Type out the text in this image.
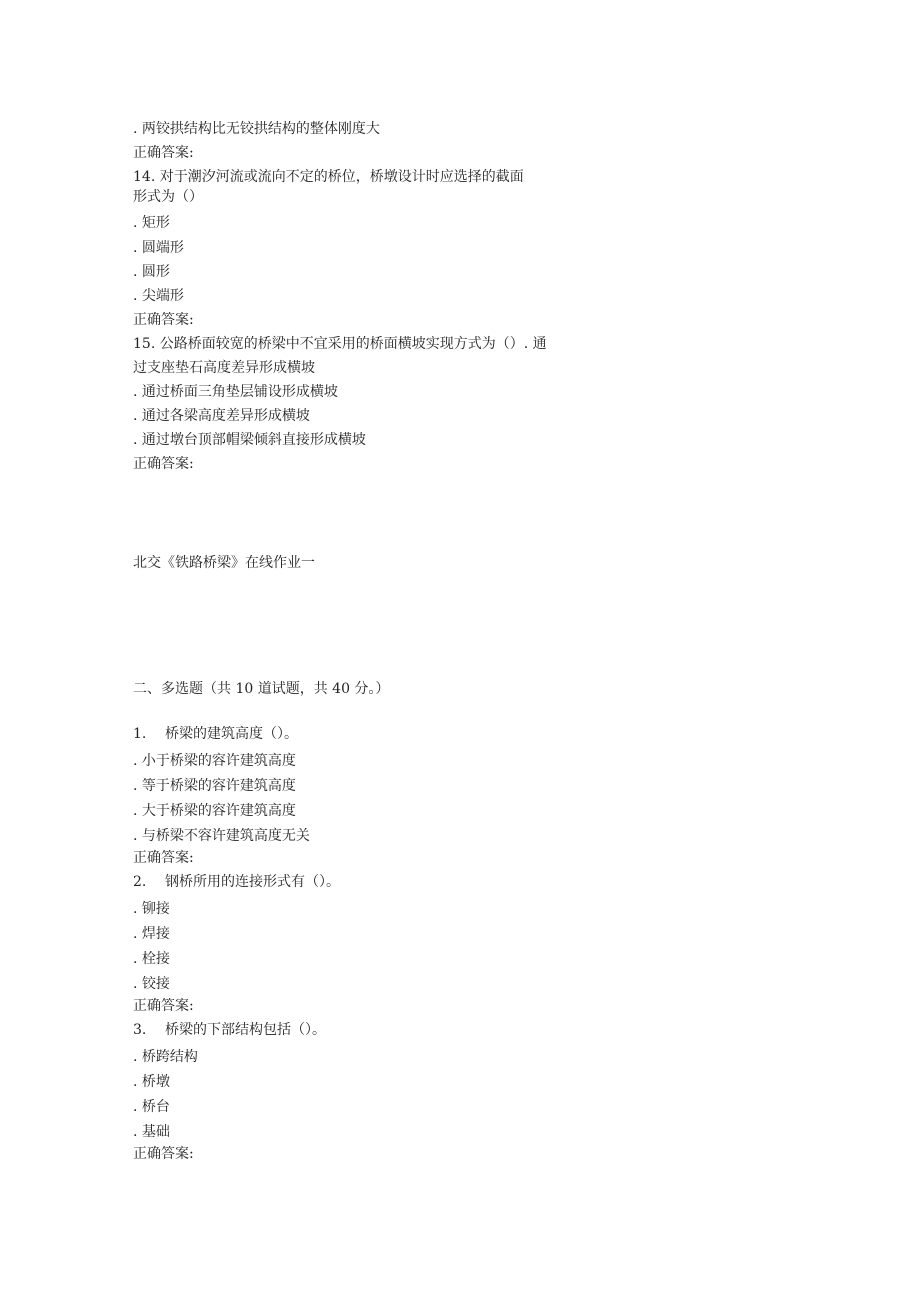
. 两铰拱结构比无铰拱结构的整体刚度大
正确答案:
14. 对于潮汐河流或流向不定的桥位，桥墩设计时应选择的截面
形式为（）
. 矩形
. 圆端形
. 圆形
. 尖端形
正确答案:
15. 公路桥面较宽的桥梁中不宜采用的桥面横坡实现方式为（）. 通
过支座垫石高度差异形成横坡
. 通过桥面三角垫层铺设形成横坡
. 通过各梁高度差异形成横坡
. 通过墩台顶部帽梁倾斜直接形成横坡
正确答案:
北交《铁路桥梁》在线作业一
二、多选题（共 10 道试题，共 40 分。）
1. 桥梁的建筑高度（）。
. 小于桥梁的容许建筑高度
. 等于桥梁的容许建筑高度
. 大于桥梁的容许建筑高度
. 与桥梁不容许建筑高度无关
正确答案:
2. 钢桥所用的连接形式有（）。
. 铆接
. 焊接
. 栓接
. 铰接
正确答案:
3. 桥梁的下部结构包括（）。
. 桥跨结构
. 桥墩
. 桥台
. 基础
正确答案:
